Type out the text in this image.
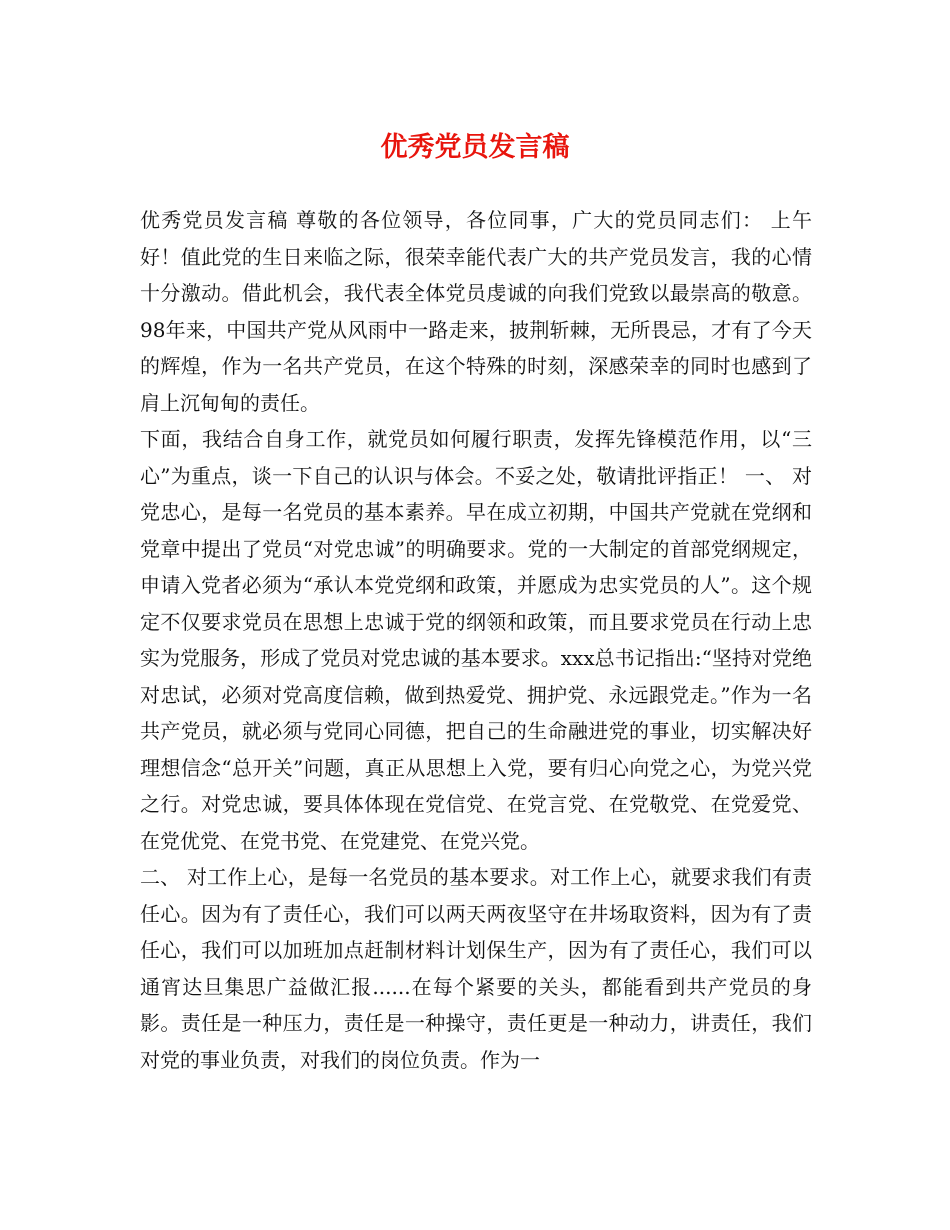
优秀党员发言稿

优秀党员发言稿 尊敬的各位领导，各位同事，广大的党员同志们： 上午好！值此党的生日来临之际，很荣幸能代表广大的共产党员发言，我的心情十分激动。借此机会，我代表全体党员虔诚的向我们党致以最崇高的敬意。98年来，中国共产党从风雨中一路走来，披荆斩棘，无所畏忌，才有了今天的辉煌，作为一名共产党员，在这个特殊的时刻，深感荣幸的同时也感到了肩上沉甸甸的责任。

下面，我结合自身工作，就党员如何履行职责，发挥先锋模范作用，以“三心”为重点，谈一下自己的认识与体会。不妥之处，敬请批评指正！ 一、 对党忠心，是每一名党员的基本素养。早在成立初期，中国共产党就在党纲和党章中提出了党员“对党忠诚”的明确要求。党的一大制定的首部党纲规定，申请入党者必须为“承认本党党纲和政策，并愿成为忠实党员的人”。这个规定不仅要求党员在思想上忠诚于党的纲领和政策，而且要求党员在行动上忠实为党服务，形成了党员对党忠诚的基本要求。xxx总书记指出:“坚持对党绝对忠试，必须对党高度信赖，做到热爱党、拥护党、永远跟党走。”作为一名共产党员，就必须与党同心同德，把自己的生命融进党的事业，切实解决好理想信念“总开关”问题，真正从思想上入党，要有归心向党之心，为党兴党之行。对党忠诚，要具体体现在党信党、在党言党、在党敬党、在党爱党、在党优党、在党书党、在党建党、在党兴党。

二、 对工作上心，是每一名党员的基本要求。对工作上心，就要求我们有责任心。因为有了责任心，我们可以两天两夜坚守在井场取资料，因为有了责任心，我们可以加班加点赶制材料计划保生产，因为有了责任心，我们可以通宵达旦集思广益做汇报......在每个紧要的关头，都能看到共产党员的身影。责任是一种压力，责任是一种操守，责任更是一种动力，讲责任，我们对党的事业负责，对我们的岗位负责。作为一
